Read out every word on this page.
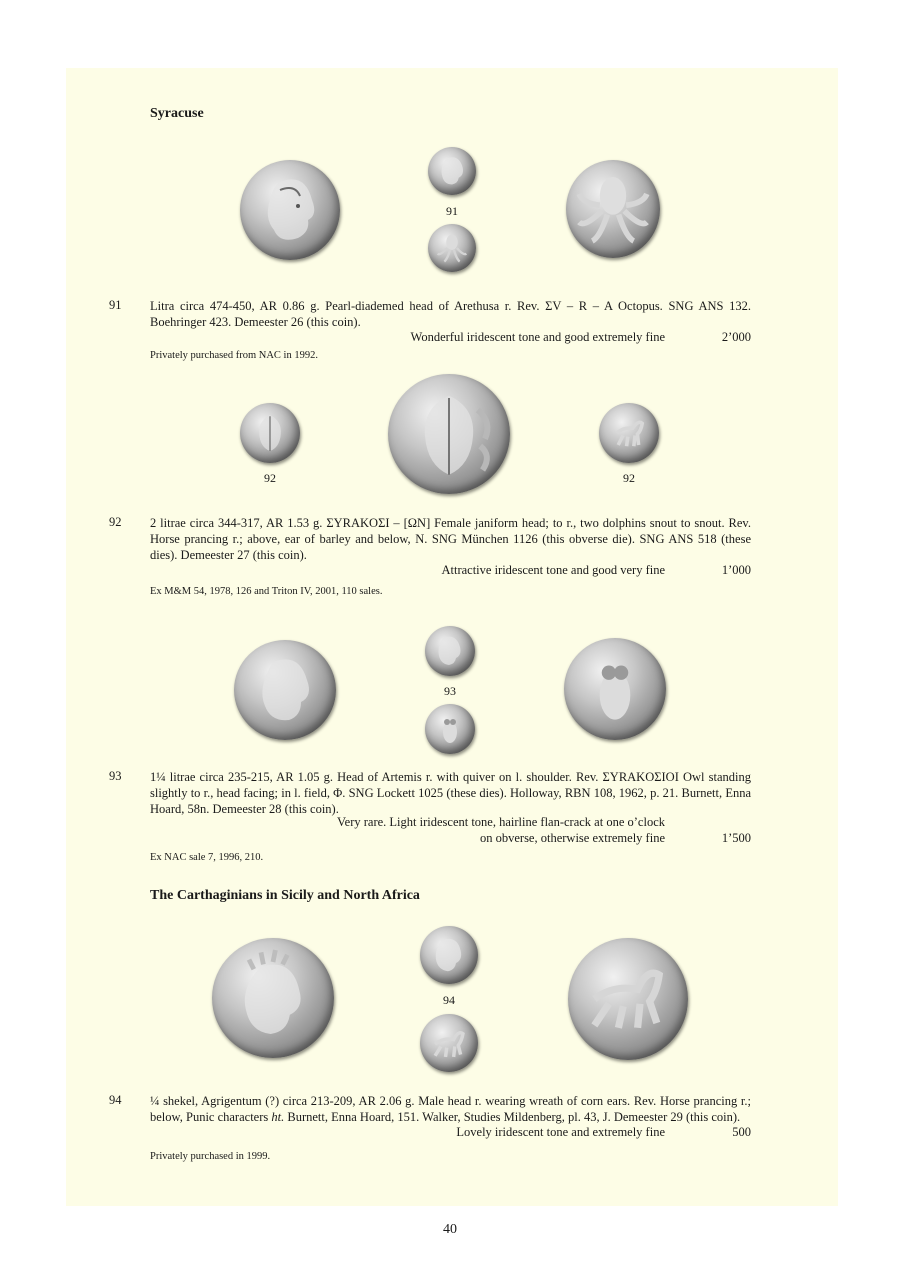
Syracuse
91
91 Litra circa 474-450, AR 0.86 g. Pearl-diademed head of Arethusa r. Rev. ΣV – R – A Octopus. SNG ANS 132. Boehringer 423. Demeester 26 (this coin).
Wonderful iridescent tone and good extremely fine	2’000
Privately purchased from NAC in 1992.
92	92
92 2 litrae circa 344-317, AR 1.53 g. ΣYRAKOΣI – [ΩN] Female janiform head; to r., two dolphins snout to snout. Rev. Horse prancing r.; above, ear of barley and below, N. SNG München 1126 (this obverse die). SNG ANS 518 (these dies). Demeester 27 (this coin).
Attractive iridescent tone and good very fine	1’000
Ex M&M 54, 1978, 126 and Triton IV, 2001, 110 sales.
93
93 1¼ litrae circa 235-215, AR 1.05 g. Head of Artemis r. with quiver on l. shoulder. Rev. ΣYRAKOΣIOI Owl standing slightly to r., head facing; in l. field, Φ. SNG Lockett 1025 (these dies). Holloway, RBN 108, 1962, p. 21. Burnett, Enna Hoard, 58n. Demeester 28 (this coin).
Very rare. Light iridescent tone, hairline flan-crack at one o’clock
on obverse, otherwise extremely fine	1’500
Ex NAC sale 7, 1996, 210.
The Carthaginians in Sicily and North Africa
94
94 ¼ shekel, Agrigentum (?) circa 213-209, AR 2.06 g. Male head r. wearing wreath of corn ears. Rev. Horse prancing r.; below, Punic characters ht. Burnett, Enna Hoard, 151. Walker, Studies Mildenberg, pl. 43, J. Demeester 29 (this coin).
Lovely iridescent tone and extremely fine	500
Privately purchased in 1999.
40
